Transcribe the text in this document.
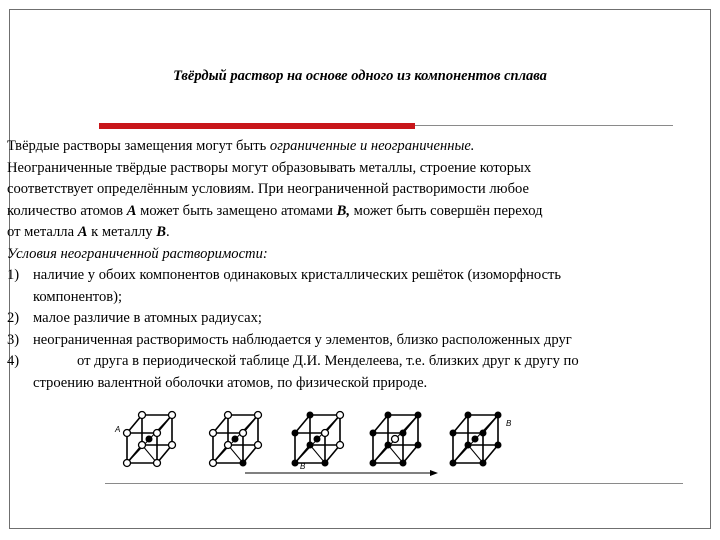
Твёрдый раствор на основе одного из компонентов сплава

Твёрдые растворы замещения могут быть ограниченные и неограниченные.

Неограниченные твёрдые растворы могут образовывать металлы, строение которых

соответствует определённым условиям. При неограниченной растворимости любое

количество атомов А может быть замещено атомами В, может быть совершён переход

от металла А к металлу В.

Условия неограниченной растворимости:

1) наличие у обоих компонентов одинаковых кристаллических решёток (изоморфность

компонентов);

2) малое различие в атомных радиусах;

3) неограниченная растворимость наблюдается у элементов, близко расположенных друг

4)	от друга в периодической таблице Д.И. Менделеева, т.е. близких друг к другу по

строению валентной оболочки атомов, по физической природе.

A
B
B
